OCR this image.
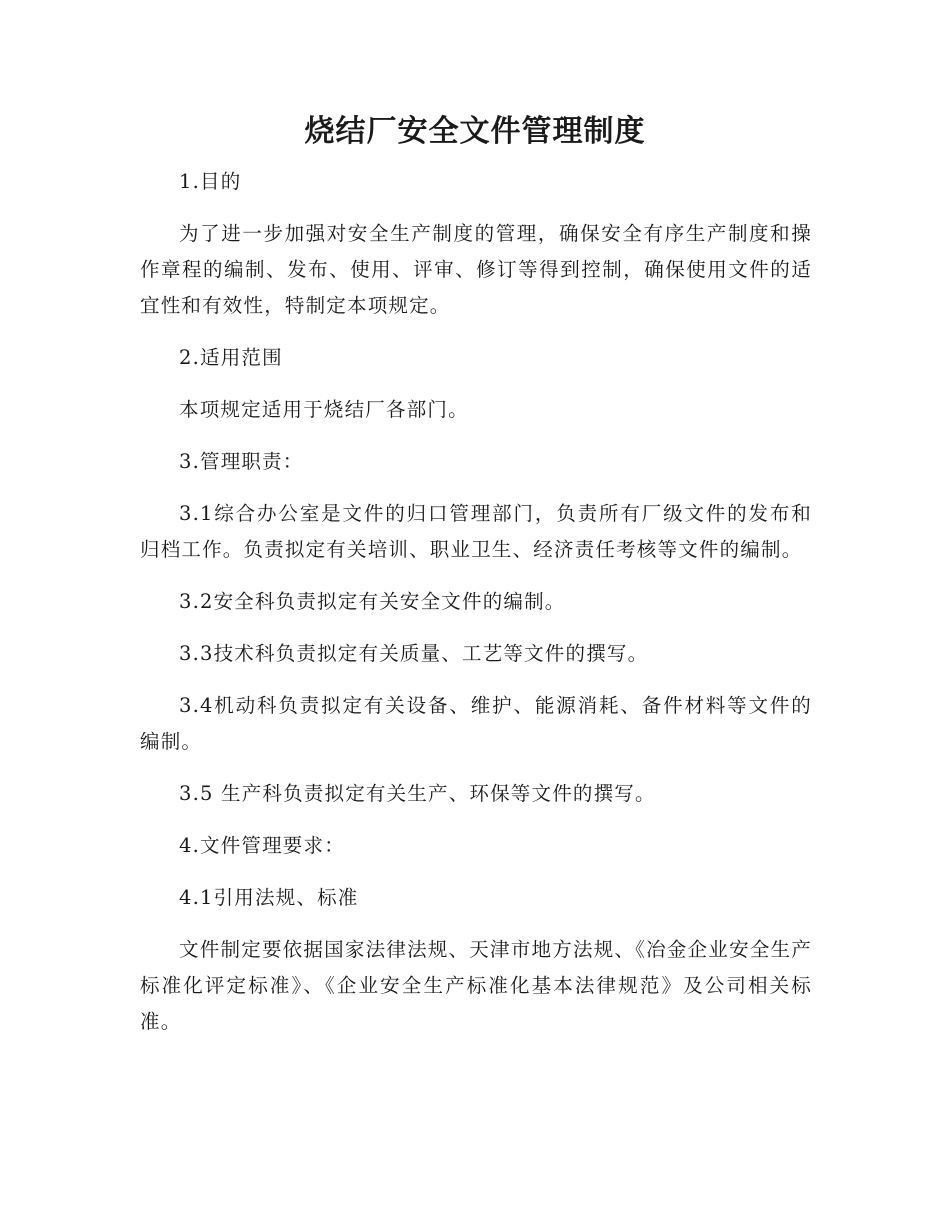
烧结厂安全文件管理制度

1.目的

为了进一步加强对安全生产制度的管理，确保安全有序生产制度和操作章程的编制、发布、使用、评审、修订等得到控制，确保使用文件的适宜性和有效性，特制定本项规定。

2.适用范围

本项规定适用于烧结厂各部门。

3.管理职责：

3.1综合办公室是文件的归口管理部门，负责所有厂级文件的发布和归档工作。负责拟定有关培训、职业卫生、经济责任考核等文件的编制。

3.2安全科负责拟定有关安全文件的编制。

3.3技术科负责拟定有关质量、工艺等文件的撰写。

3.4机动科负责拟定有关设备、维护、能源消耗、备件材料等文件的编制。

3.5 生产科负责拟定有关生产、环保等文件的撰写。

4.文件管理要求：

4.1引用法规、标准

文件制定要依据国家法律法规、天津市地方法规、《冶金企业安全生产标准化评定标准》、《企业安全生产标准化基本法律规范》及公司相关标准。
